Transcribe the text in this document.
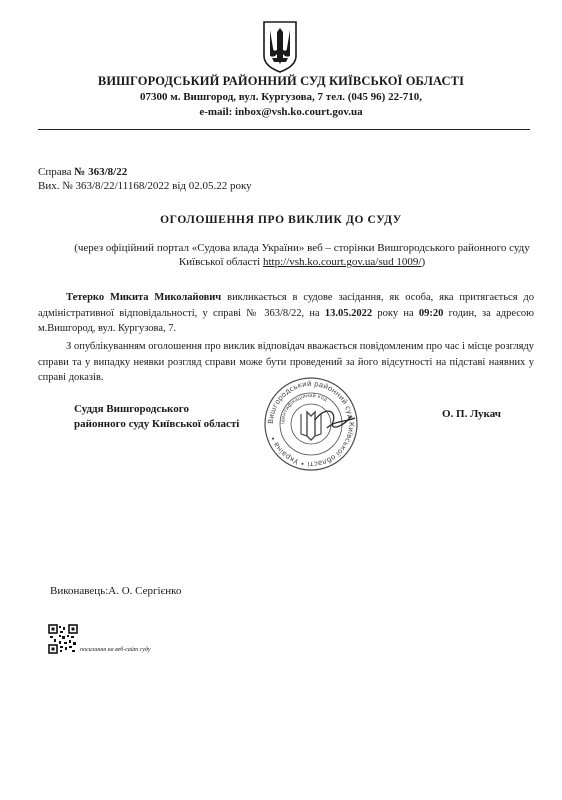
ВИШГОРОДСЬКИЙ РАЙОННИЙ СУД КИЇВСЬКОЇ ОБЛАСТІ
07300 м. Вишгород, вул. Кургузова, 7 тел. (045 96) 22-710,
e-mail: inbox@vsh.ko.court.gov.ua
Справа № 363/8/22
Вих. № 363/8/22/11168/2022 від 02.05.22 року
ОГОЛОШЕННЯ ПРО ВИКЛИК ДО СУДУ
(через офіційний портал «Судова влада України» веб – сторінки Вишгородського районного суду Київської області http://vsh.ko.court.gov.ua/sud 1009/)
Тетерко Микита Миколайович викликається в судове засідання, як особа, яка притягається до адміністративної відповідальності, у справі № 363/8/22, на 13.05.2022 року на 09:20 годин, за адресою м.Вишгород, вул. Кургузова, 7.
З опублікуванням оголошення про виклик відповідач вважається повідомленим про час і місце розгляду справи та у випадку неявки розгляд справи може бути проведений за його відсутності на підставі наявних у справі доказів.
Суддя Вишгородського
районного суду Київської області	Вишгородський районний суд Київської області • Україна •
ідентифікаційний код
О. П. Лукач
Виконавець:А. О. Сергієнко
посилання на веб-сайт суду
